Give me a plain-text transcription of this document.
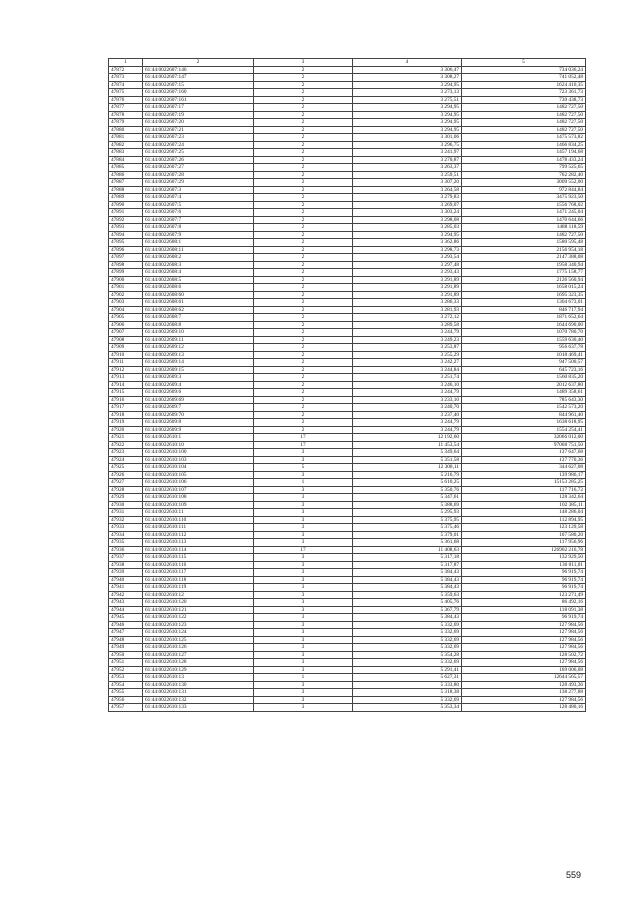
1	2	3	4	5
47872	61:44:0022607:146	2	3 306,47	734 036,24
47873	61:44:0022607:147	2	3 308,27	741 052,48
47874	61:44:0022607:15	2	3 294,95	1624 410,35
47875	61:44:0022607:160	2	3 273,13	723 361,73
47876	61:44:0022607:161	2	3 275,51	730 438,73
47877	61:44:0022607:17	2	3 294,95	1482 727,50
47878	61:44:0022607:19	2	3 294,95	1482 727,50
47879	61:44:0022607:20	2	3 294,95	1482 727,50
47880	61:44:0022607:21	2	3 294,95	1482 727,50
47881	61:44:0022607:23	2	3 301,06	1475 573,82
47882	61:44:0022607:24	2	3 296,75	1466 834,25
47883	61:44:0022607:25	2	3 241,97	1457 194,68
47884	61:44:0022607:26	2	3 270,87	1478 433,24
47885	61:44:0022607:27	2	3 263,37	799 525,65
47886	61:44:0022607:28	2	3 259,51	762 282,40
47887	61:44:0022607:29	2	3 307,20	3009 552,00
47888	61:44:0022607:3	2	3 264,58	972 844,84
47889	61:44:0022607:4	2	3 279,83	3475 923,50
47890	61:44:0022607:5	2	3 269,07	1556 768,02
47891	61:44:0022607:6	2	3 303,24	1471 245,04
47892	61:44:0022607:7	2	3 298,08	1470 644,66
47893	61:44:0022607:8	2	3 285,03	1488 118,59
47894	61:44:0022607:9	2	3 294,95	1482 727,50
47895	61:44:0022608:1	2	3 362,86	1580 595,48
47896	61:44:0022608:11	2	3 298,73	2156 954,18
47897	61:44:0022608:2	2	3 293,54	2147 388,08
47898	61:44:0022608:3	2	3 297,48	1958 340,94
47899	61:44:0022608:4	2	3 293,43	1775 158,77
47900	61:44:0022608:5	2	3 291,89	2126 560,94
47901	61:44:0022608:6	2	3 291,89	1658 015,24
47902	61:44:0022608:60	2	3 291,89	1695 323,35
47903	61:44:0022608:61	2	3 286,33	1304 673,01
47904	61:44:0022608:62	2	3 281,93	846 717,94
47905	61:44:0022608:7	2	3 272,12	1871 652,64
47906	61:44:0022608:8	2	3 289,58	1644 690,00
47907	61:44:0022609:10	2	3 244,79	1070 780,70
47908	61:44:0022609:11	2	3 249,23	1559 630,40
47909	61:44:0022609:12	2	3 253,87	956 637,78
47910	61:44:0022609:13	2	3 255,29	1018 469,41
47911	61:44:0022609:14	2	3 242,27	947 500,57
47912	61:44:0022609:15	2	3 244,84	645 723,16
47913	61:44:0022609:3	2	3 251,74	1560 835,20
47914	61:44:0022609:4	2	3 246,10	2012 637,80
47915	61:44:0022609:6	2	3 244,79	1489 358,61
47916	61:44:0022609:69	2	3 233,10	785 643,30
47917	61:44:0022609:7	2	3 240,70	1542 573,20
47918	61:44:0022609:70	2	3 237,40	844 961,40
47919	61:44:0022609:8	2	3 244,79	1638 618,95
47920	61:44:0022609:9	2	3 244,79	1554 254,41
47921	61:44:0022610:1	17	12 192,60	32066 012,00
47922	61:44:0022610:10	17	11 453,54	97068 751,50
47923	61:44:0022610:100	3	5 349,64	137 647,68
47924	61:44:0022610:103	3	5 351,58	137 770,36
47925	61:44:0022610:104	5	12 308,11	344 627,08
47926	61:44:0022610:105	3	5 216,79	139 986,17
47927	61:44:0022610:106	1	5 610,25	15153 285,25
47928	61:44:0022610:107	3	5 350,76	117 716,72
47929	61:44:0022610:108	3	5 347,61	128 342,64
47930	61:44:0022610:109	3	5 388,69	102 385,11
47931	61:44:0022610:11	3	5 295,93	148 286,04
47932	61:44:0022610:110	3	5 375,95	112 894,95
47933	61:44:0022610:111	3	5 375,46	123 129,58
47934	61:44:0022610:112	3	5 379,01	107 580,20
47935	61:44:0022610:113	3	5 361,68	117 956,96
47936	61:44:0022610:114	17	11 408,63	126902 216,78
47937	61:44:0022610:115	3	5 317,18	132 929,50
47938	61:44:0022610:116	3	5 317,87	130 011,01
47939	61:44:0022610:117	3	5 384,43	96 919,74
47940	61:44:0022610:118	3	5 384,43	96 919,74
47941	61:44:0022610:119	3	5 384,43	96 919,74
47942	61:44:0022610:12	3	5 359,63	123 271,49
47943	61:44:0022610:120	3	5 405,76	86 492,16
47944	61:44:0022610:121	3	5 367,79	118 091,38
47945	61:44:0022610:122	3	5 384,43	96 919,74
47946	61:44:0022610:123	3	5 332,69	127 984,56
47947	61:44:0022610:124	3	5 332,69	127 984,56
47948	61:44:0022610:125	3	5 332,69	127 984,56
47949	61:44:0022610:126	3	5 332,69	127 984,56
47950	61:44:0022610:127	3	5 354,28	128 502,72
47951	61:44:0022610:128	3	5 332,69	127 984,56
47952	61:44:0022610:129	3	5 291,41	169 006,08
47953	61:44:0022610:13	1	5 627,31	12644 565,57
47954	61:44:0022610:130	3	5 333,80	128 493,36
47955	61:44:0022610:131	3	5 318,38	138 277,88
47956	61:44:0022610:132	3	5 332,69	127 984,56
47957	61:44:0022610:133	3	5 353,34	128 480,16
559
